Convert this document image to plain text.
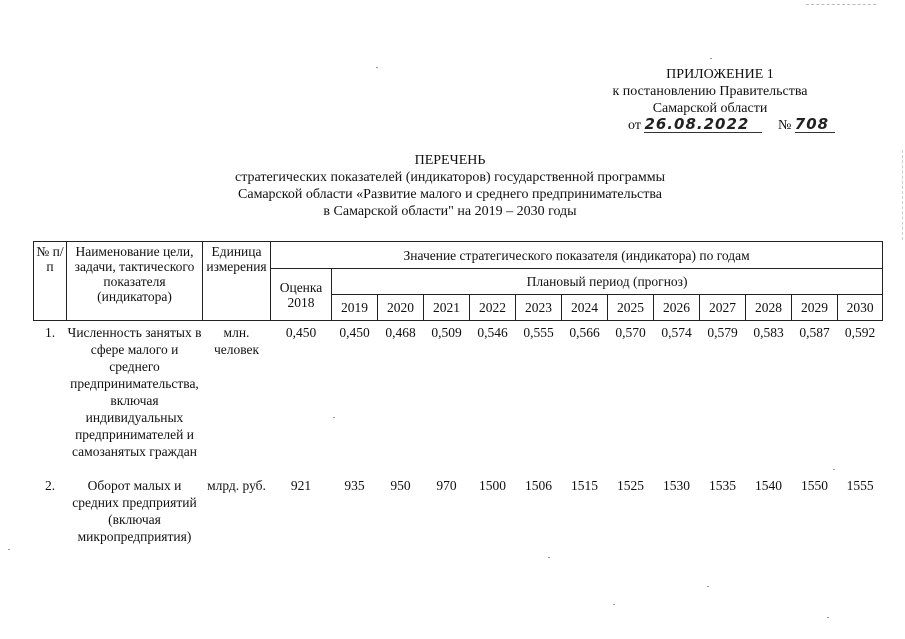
ПРИЛОЖЕНИЕ 1
к постановлению Правительства
Самарской области
от 26.08.2022 № 708
ПЕРЕЧЕНЬ
стратегических показателей (индикаторов) государственной программы
Самарской области «Развитие малого и среднего предпринимательства
в Самарской области" на 2019 – 2030 годы
№ п/п	Наименование цели, задачи, тактического показателя (индикатора)	Единица измерения	Значение стратегического показателя (индикатора) по годам												
			Оценка 2018	Плановый период (прогноз)											
				2019	2020	2021	2022	2023	2024	2025	2026	2027	2028	2029	2030
1.	Численность занятых в сфере малого и среднего предпринимательства, включая индивидуальных предпринимателей и самозанятых граждан	млн. человек	0,450	0,450	0,468	0,509	0,546	0,555	0,566	0,570	0,574	0,579	0,583	0,587	0,592
2.	Оборот малых и средних предприятий (включая микропредприятия)	млрд. руб.	921	935	950	970	1500	1506	1515	1525	1530	1535	1540	1550	1555
